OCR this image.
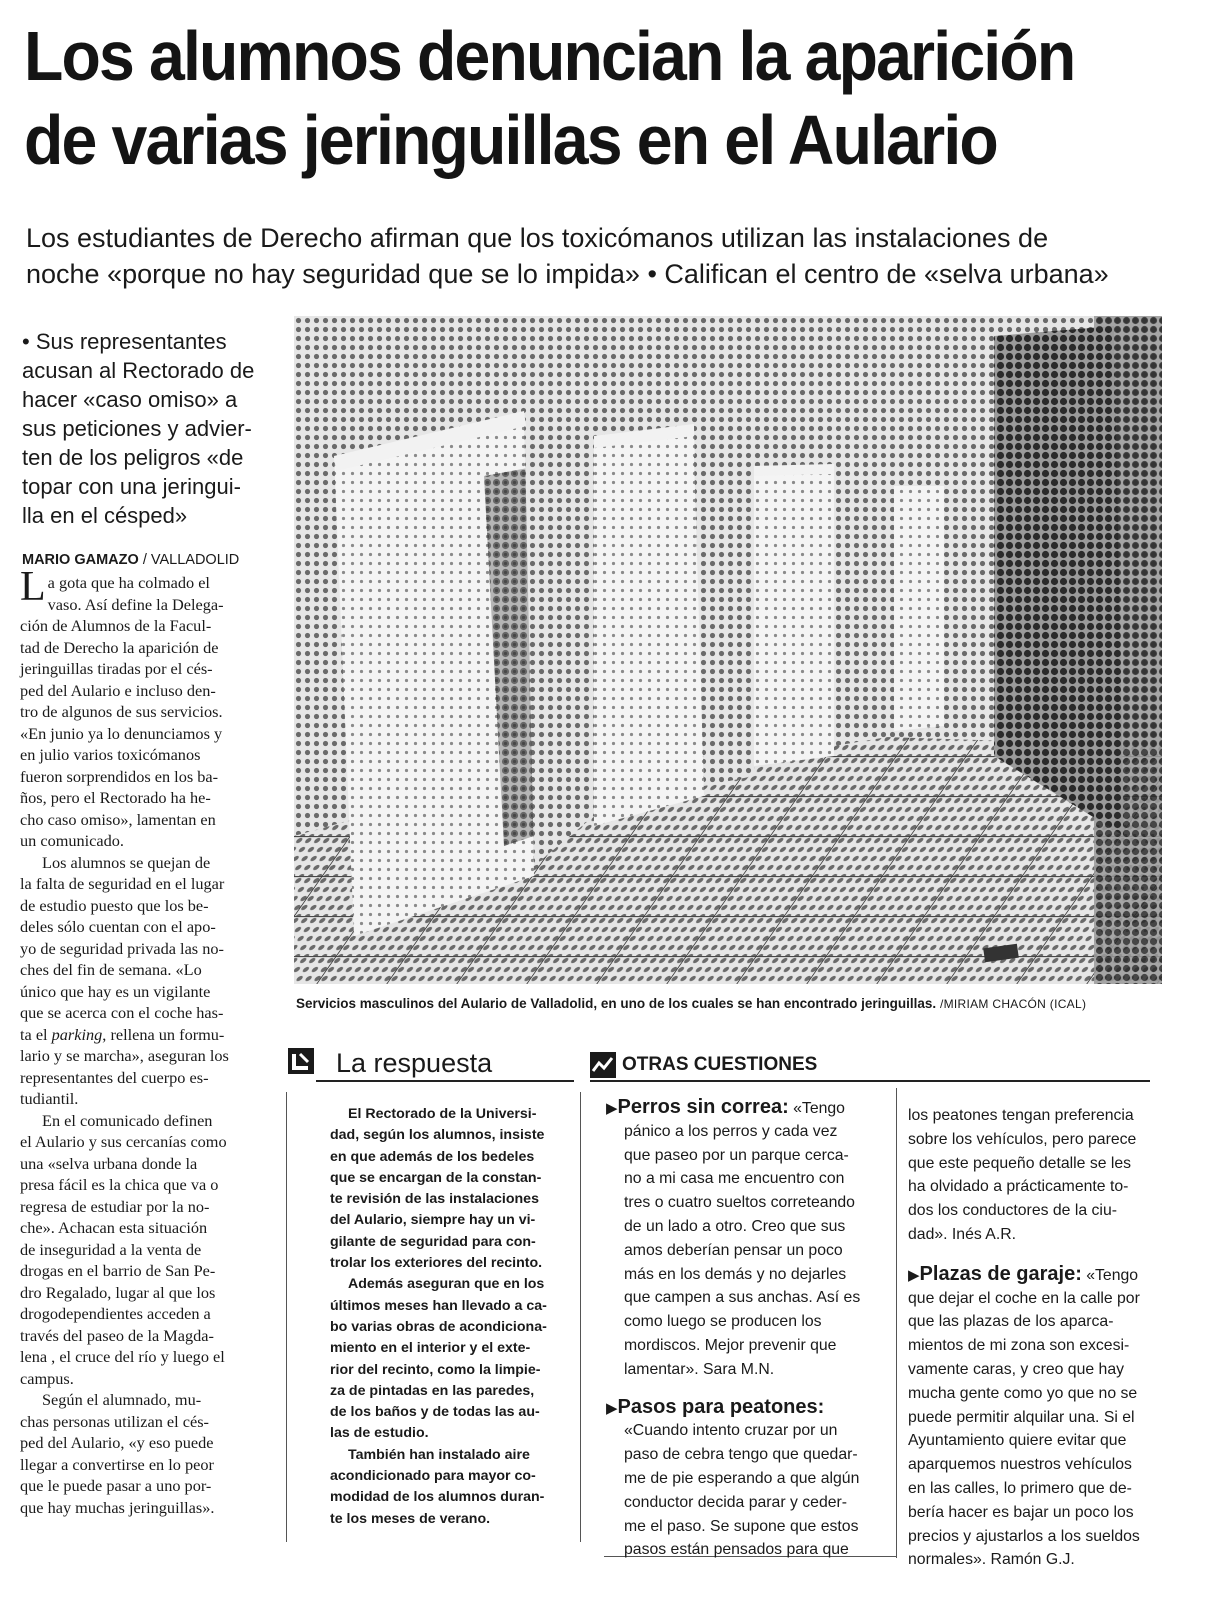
Los alumnos denuncian la aparición
de varias jeringuillas en el Aulario
Los estudiantes de Derecho afirman que los toxicómanos utilizan las instalaciones de
noche «porque no hay seguridad que se lo impida» • Califican el centro de «selva urbana»
• Sus representantes
acusan al Rectorado de
hacer «caso omiso» a
sus peticiones y advier-
ten de los peligros «de
topar con una jeringui-
lla en el césped»
MARIO GAMAZO / VALLADOLID
La gota que ha colmado el
vaso. Así define la Delega-
ción de Alumnos de la Facul-
tad de Derecho la aparición de
jeringuillas tiradas por el cés-
ped del Aulario e incluso den-
tro de algunos de sus servicios.
«En junio ya lo denunciamos y
en julio varios toxicómanos
fueron sorprendidos en los ba-
ños, pero el Rectorado ha he-
cho caso omiso», lamentan en
un comunicado.
Los alumnos se quejan de
la falta de seguridad en el lugar
de estudio puesto que los be-
deles sólo cuentan con el apo-
yo de seguridad privada las no-
ches del fin de semana. «Lo
único que hay es un vigilante
que se acerca con el coche has-
ta el parking, rellena un formu-
lario y se marcha», aseguran los
representantes del cuerpo es-
tudiantil.
En el comunicado definen
el Aulario y sus cercanías como
una «selva urbana donde la
presa fácil es la chica que va o
regresa de estudiar por la no-
che». Achacan esta situación
de inseguridad a la venta de
drogas en el barrio de San Pe-
dro Regalado, lugar al que los
drogodependientes acceden a
través del paseo de la Magda-
lena , el cruce del río y luego el
campus.
Según el alumnado, mu-
chas personas utilizan el cés-
ped del Aulario, «y eso puede
llegar a convertirse en lo peor
que le puede pasar a uno por-
que hay muchas jeringuillas».
Servicios masculinos del Aulario de Valladolid, en uno de los cuales se han encontrado jeringuillas. /MIRIAM CHACÓN (ICAL)
La respuesta
El Rectorado de la Universi-
dad, según los alumnos, insiste
en que además de los bedeles
que se encargan de la constan-
te revisión de las instalaciones
del Aulario, siempre hay un vi-
gilante de seguridad para con-
trolar los exteriores del recinto.
Además aseguran que en los
últimos meses han llevado a ca-
bo varias obras de acondiciona-
miento en el interior y el exte-
rior del recinto, como la limpie-
za de pintadas en las paredes,
de los baños y de todas las au-
las de estudio.
También han instalado aire
acondicionado para mayor co-
modidad de los alumnos duran-
te los meses de verano.
OTRAS CUESTIONES
▶Perros sin correa: «Tengo
pánico a los perros y cada vez
que paseo por un parque cerca-
no a mi casa me encuentro con
tres o cuatro sueltos correteando
de un lado a otro. Creo que sus
amos deberían pensar un poco
más en los demás y no dejarles
que campen a sus anchas. Así es
como luego se producen los
mordiscos. Mejor prevenir que
lamentar». Sara M.N.
▶Pasos para peatones:
«Cuando intento cruzar por un
paso de cebra tengo que quedar-
me de pie esperando a que algún
conductor decida parar y ceder-
me el paso. Se supone que estos
pasos están pensados para que
los peatones tengan preferencia
sobre los vehículos, pero parece
que este pequeño detalle se les
ha olvidado a prácticamente to-
dos los conductores de la ciu-
dad». Inés A.R.
▶Plazas de garaje: «Tengo
que dejar el coche en la calle por
que las plazas de los aparca-
mientos de mi zona son excesi-
vamente caras, y creo que hay
mucha gente como yo que no se
puede permitir alquilar una. Si el
Ayuntamiento quiere evitar que
aparquemos nuestros vehículos
en las calles, lo primero que de-
bería hacer es bajar un poco los
precios y ajustarlos a los sueldos
normales». Ramón G.J.
